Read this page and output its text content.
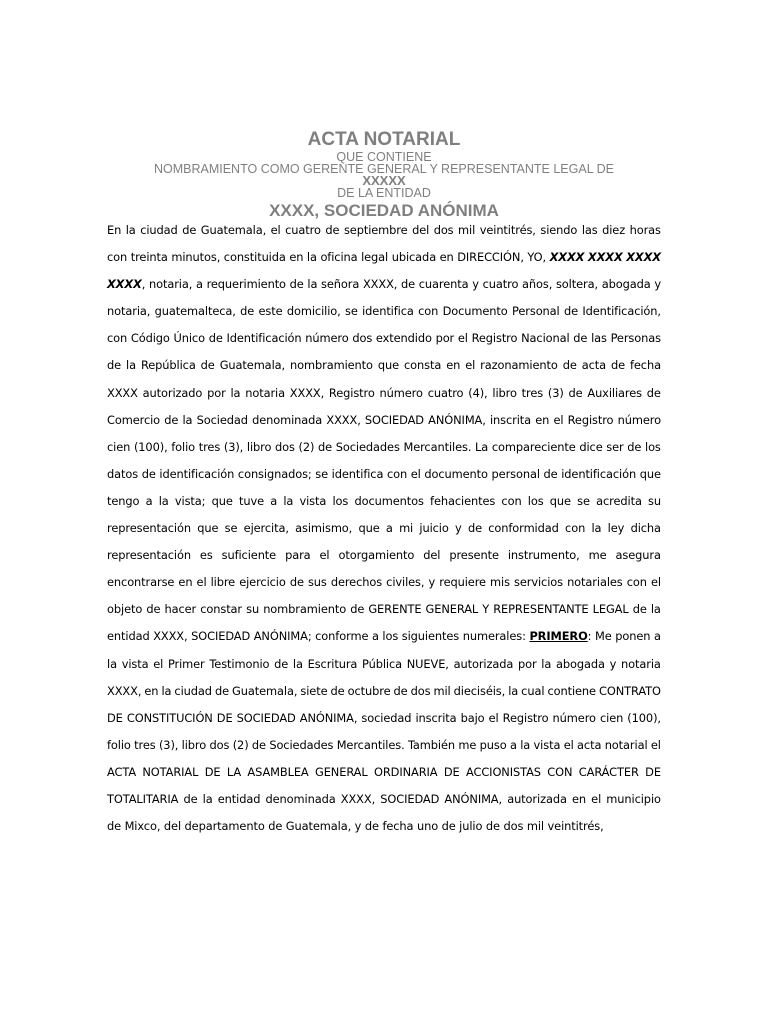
ACTA NOTARIAL
QUE CONTIENE
NOMBRAMIENTO COMO GERENTE GENERAL Y REPRESENTANTE LEGAL DE
XXXXX
DE LA ENTIDAD
XXXX, SOCIEDAD ANÓNIMA
En la ciudad de Guatemala, el cuatro de septiembre del dos mil veintitrés, siendo las diez horas
con treinta minutos, constituida en la oficina legal ubicada en DIRECCIÓN, YO, XXXX XXXX XXXX
XXXX, notaria, a requerimiento de la señora XXXX, de cuarenta y cuatro años, soltera, abogada y
notaria, guatemalteca, de este domicilio, se identifica con Documento Personal de Identificación,
con Código Único de Identificación número dos extendido por el Registro Nacional de las Personas
de la República de Guatemala, nombramiento que consta en el razonamiento de acta de fecha
XXXX autorizado por la notaria XXXX, Registro número cuatro (4), libro tres (3) de Auxiliares de
Comercio de la Sociedad denominada XXXX, SOCIEDAD ANÓNIMA, inscrita en el Registro número
cien (100), folio tres (3), libro dos (2) de Sociedades Mercantiles. La compareciente dice ser de los
datos de identificación consignados; se identifica con el documento personal de identificación que
tengo a la vista; que tuve a la vista los documentos fehacientes con los que se acredita su
representación que se ejercita, asimismo, que a mi juicio y de conformidad con la ley dicha
representación es suficiente para el otorgamiento del presente instrumento, me asegura
encontrarse en el libre ejercicio de sus derechos civiles, y requiere mis servicios notariales con el
objeto de hacer constar su nombramiento de GERENTE GENERAL Y REPRESENTANTE LEGAL de la
entidad XXXX, SOCIEDAD ANÓNIMA; conforme a los siguientes numerales: PRIMERO: Me ponen a
la vista el Primer Testimonio de la Escritura Pública NUEVE, autorizada por la abogada y notaria
XXXX, en la ciudad de Guatemala, siete de octubre de dos mil dieciséis, la cual contiene CONTRATO
DE CONSTITUCIÓN DE SOCIEDAD ANÓNIMA, sociedad inscrita bajo el Registro número cien (100),
folio tres (3), libro dos (2) de Sociedades Mercantiles. También me puso a la vista el acta notarial el
ACTA NOTARIAL DE LA ASAMBLEA GENERAL ORDINARIA DE ACCIONISTAS CON CARÁCTER DE
TOTALITARIA de la entidad denominada XXXX, SOCIEDAD ANÓNIMA, autorizada en el municipio
de
Mixco,
del
departamento
de
Guatemala,
y
de
fecha
uno
de
julio
de
dos
mil
veintitrés,
